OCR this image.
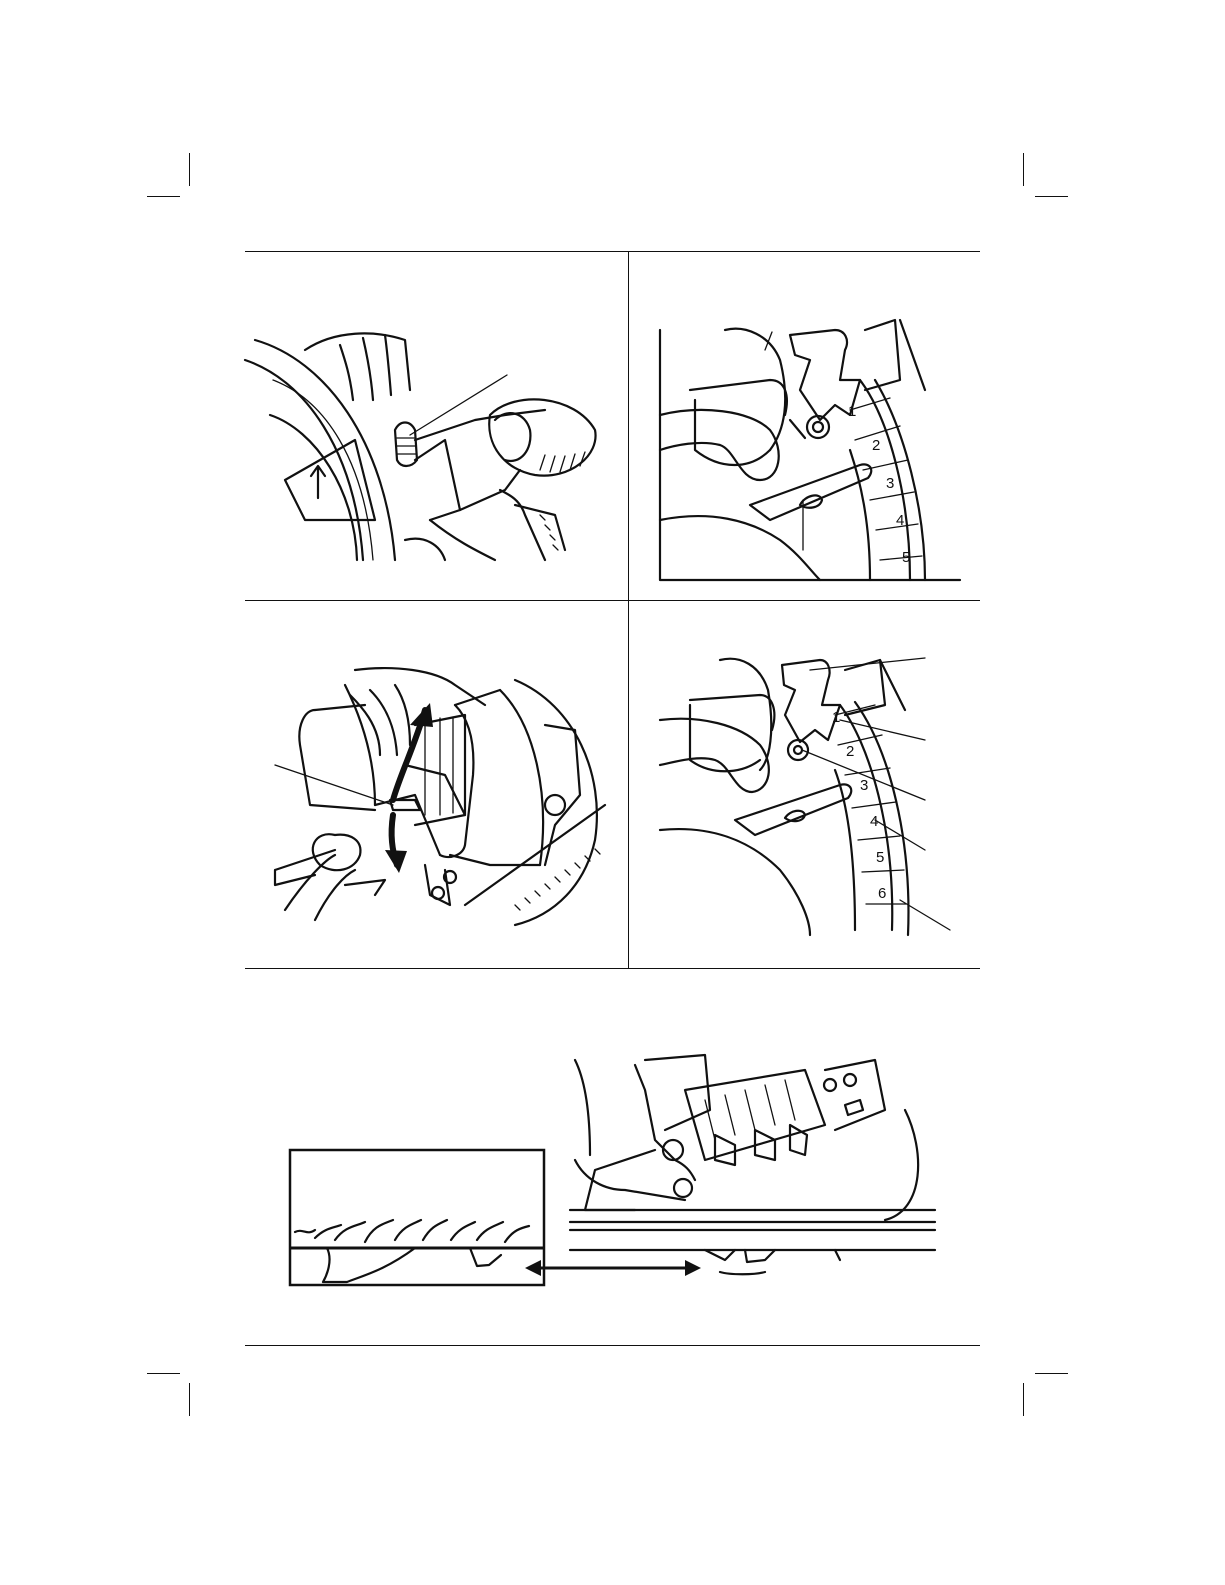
1
2
3
4
5
1
2
3
4
5
6
